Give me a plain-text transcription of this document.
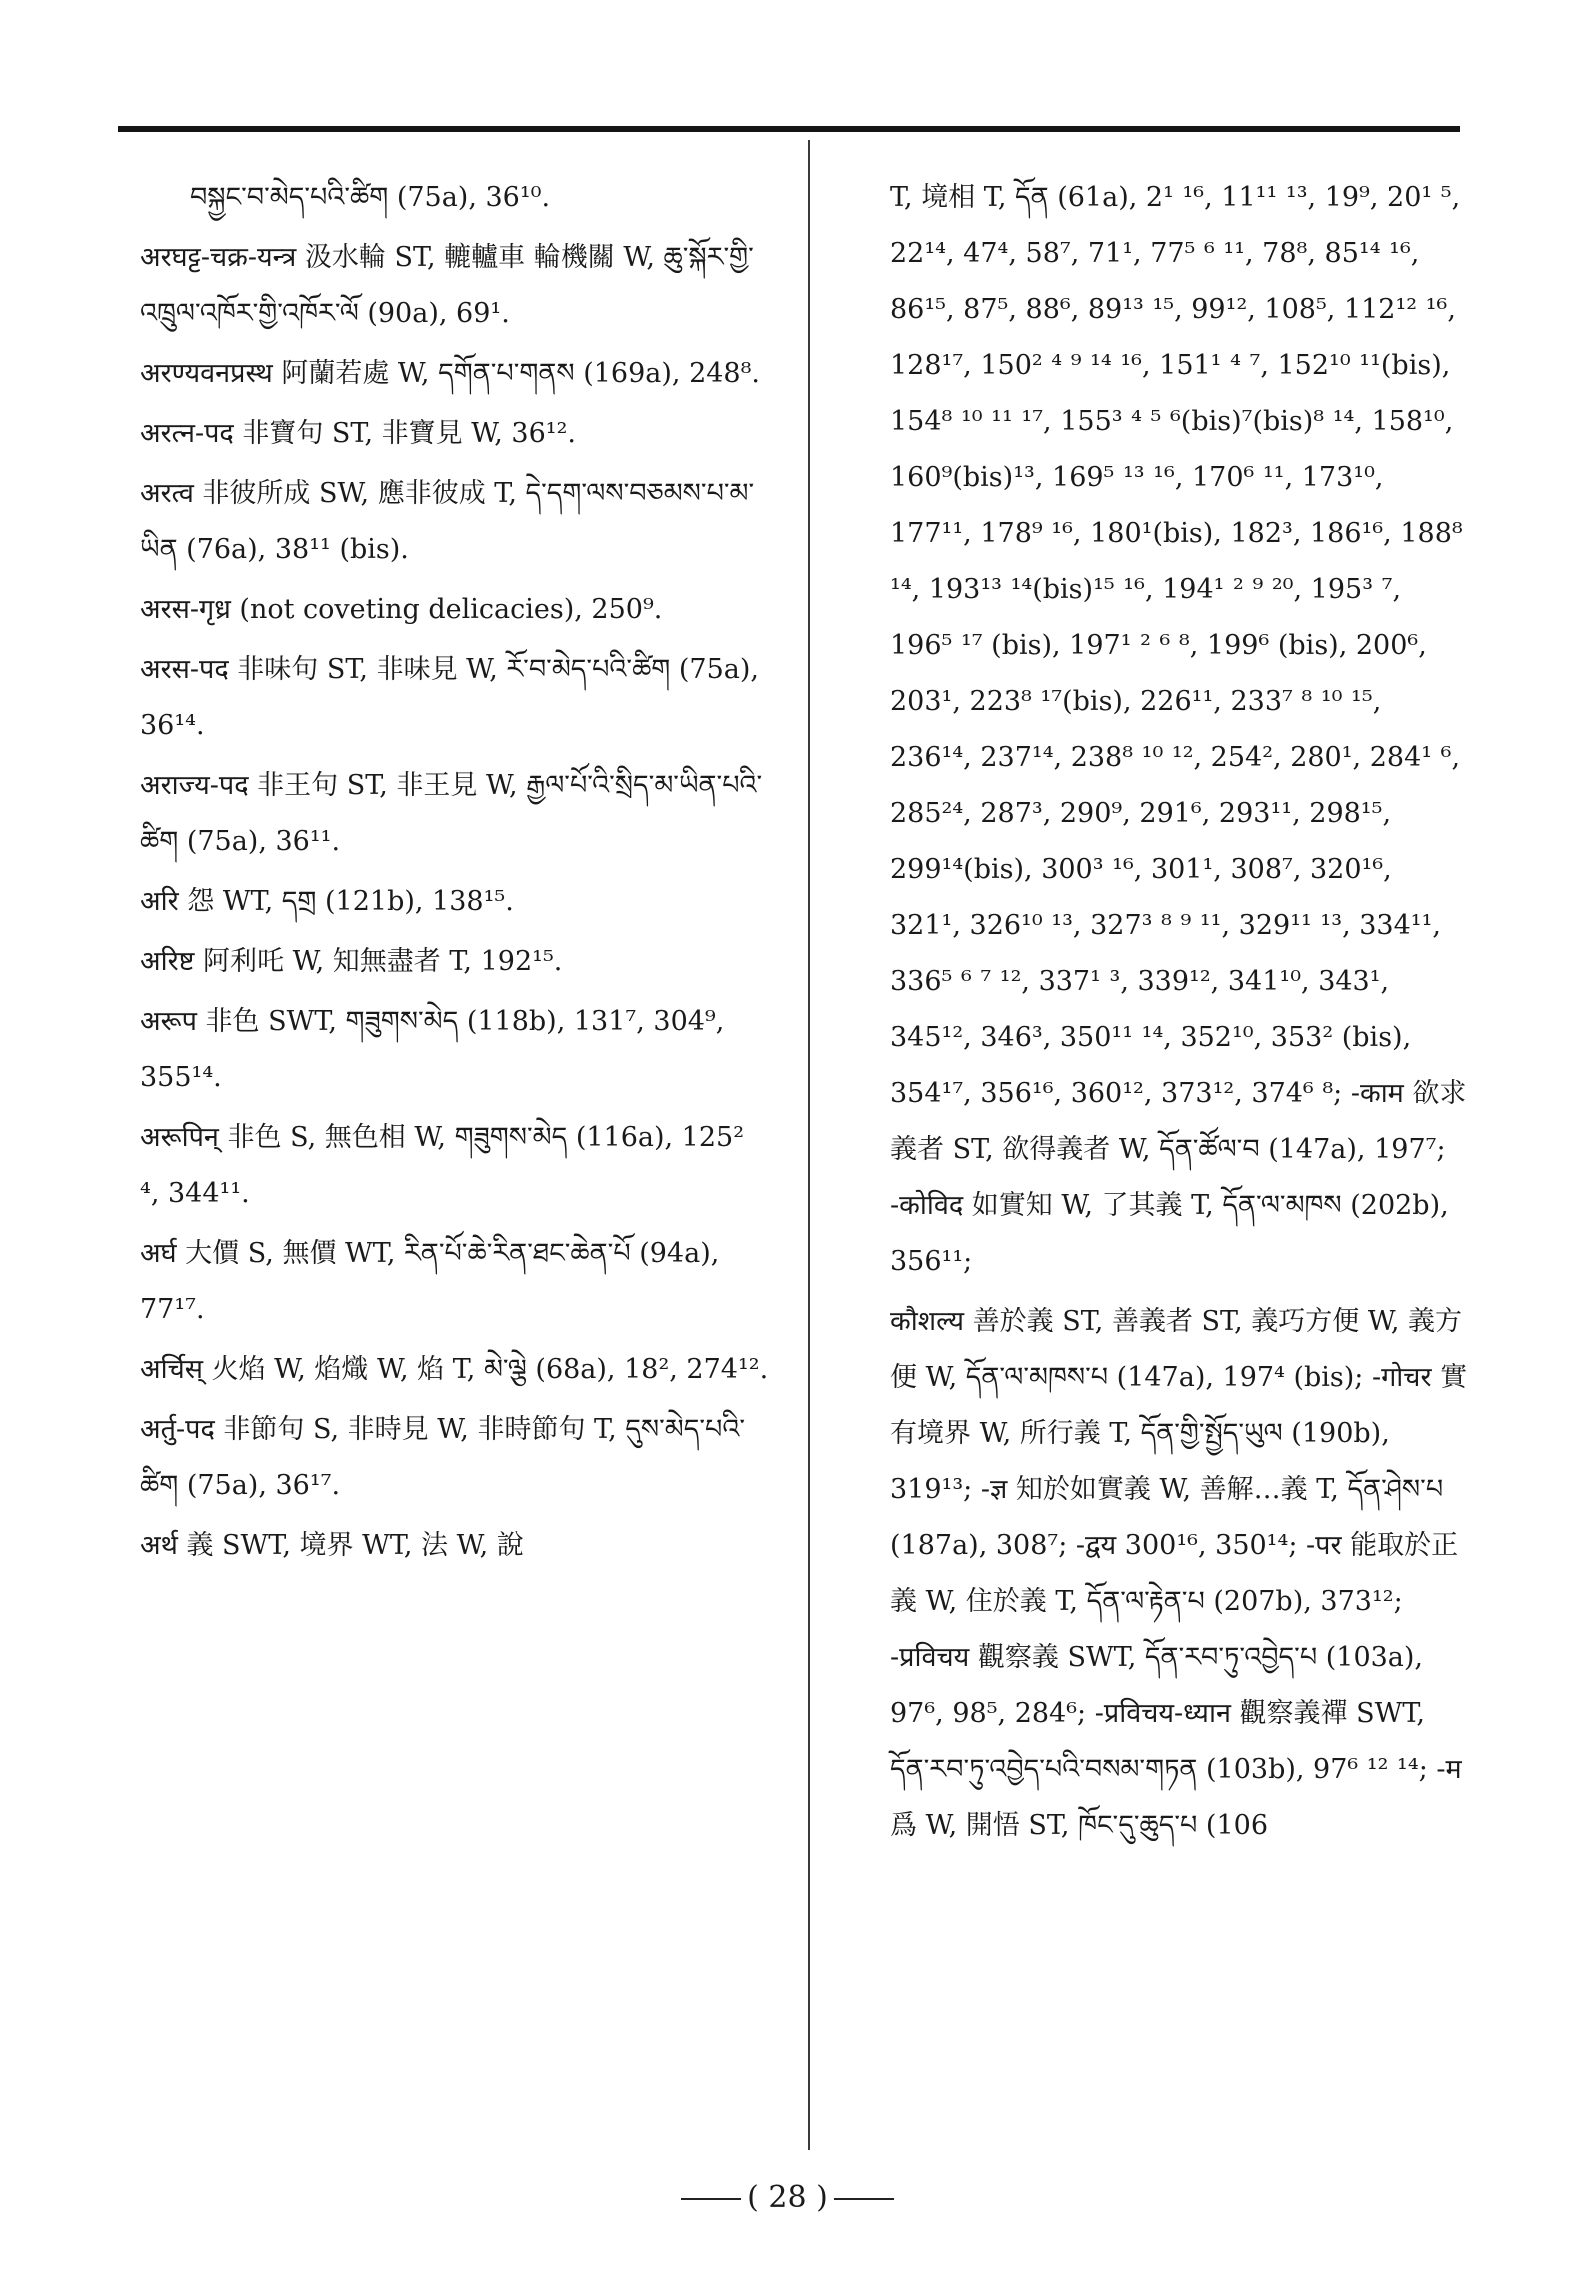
བསྐྱང་བ་མེད་པའི་ཚིག (75a), 36¹⁰.
अरघट्ट-चक्र-यन्त्र 汲水輪 ST, 轆轤車 輪機關 W, ཆུ་སྐོར་གྱི་འཁྲུལ་འཁོར་གྱི་འཁོར་ལོ (90a), 69¹.
अरण्यवनप्रस्थ 阿蘭若處 W, དགོན་པ་གནས (169a), 248⁸.
अरत्न-पद 非寶句 ST, 非寶見 W, 36¹².
अरत्व 非彼所成 SW, 應非彼成 T, དེ་དག་ལས་བཅམས་པ་མ་ཡིན (76a), 38¹¹ (bis).
अरस-गृध्र (not coveting delicacies), 250⁹.
अरस-पद 非味句 ST, 非味見 W, རོ་བ་མེད་པའི་ཚིག (75a), 36¹⁴.
अराज्य-पद 非王句 ST, 非王見 W, རྒྱལ་པོ་འི་སྲིད་མ་ཡིན་པའི་ཚིག (75a), 36¹¹.
अरि 怨 WT, དགྲ (121b), 138¹⁵.
अरिष्ट 阿利吒 W, 知無盡者 T, 192¹⁵.
अरूप 非色 SWT, གཟུགས་མེད (118b), 131⁷, 304⁹, 355¹⁴.
अरूपिन् 非色 S, 無色相 W, གཟུགས་མེད (116a), 125² ⁴, 344¹¹.
अर्घ 大價 S, 無價 WT, རིན་པོ་ཆེ་རིན་ཐང་ཆེན་པོ (94a), 77¹⁷.
अर्चिस् 火焰 W, 焰熾 W, 焰 T, མེ་ལྕེ (68a), 18², 274¹².
अर्तु-पद 非節句 S, 非時見 W, 非時節句 T, དུས་མེད་པའི་ཚིག (75a), 36¹⁷.
अर्थ 義 SWT, 境界 WT, 法 W, 說
T, 境相 T, དོན (61a), 2¹ ¹⁶, 11¹¹ ¹³, 19⁹, 20¹ ⁵, 22¹⁴, 47⁴, 58⁷, 71¹, 77⁵ ⁶ ¹¹, 78⁸, 85¹⁴ ¹⁶, 86¹⁵, 87⁵, 88⁶, 89¹³ ¹⁵, 99¹², 108⁵, 112¹² ¹⁶, 128¹⁷, 150² ⁴ ⁹ ¹⁴ ¹⁶, 151¹ ⁴ ⁷, 152¹⁰ ¹¹(bis), 154⁸ ¹⁰ ¹¹ ¹⁷, 155³ ⁴ ⁵ ⁶(bis)⁷(bis)⁸ ¹⁴, 158¹⁰, 160⁹(bis)¹³, 169⁵ ¹³ ¹⁶, 170⁶ ¹¹, 173¹⁰, 177¹¹, 178⁹ ¹⁶, 180¹(bis), 182³, 186¹⁶, 188⁸ ¹⁴, 193¹³ ¹⁴(bis)¹⁵ ¹⁶, 194¹ ² ⁹ ²⁰, 195³ ⁷, 196⁵ ¹⁷ (bis), 197¹ ² ⁶ ⁸, 199⁶ (bis), 200⁶, 203¹, 223⁸ ¹⁷(bis), 226¹¹, 233⁷ ⁸ ¹⁰ ¹⁵, 236¹⁴, 237¹⁴, 238⁸ ¹⁰ ¹², 254², 280¹, 284¹ ⁶, 285²⁴, 287³, 290⁹, 291⁶, 293¹¹, 298¹⁵, 299¹⁴(bis), 300³ ¹⁶, 301¹, 308⁷, 320¹⁶, 321¹, 326¹⁰ ¹³, 327³ ⁸ ⁹ ¹¹, 329¹¹ ¹³, 334¹¹, 336⁵ ⁶ ⁷ ¹², 337¹ ³, 339¹², 341¹⁰, 343¹, 345¹², 346³, 350¹¹ ¹⁴, 352¹⁰, 353² (bis), 354¹⁷, 356¹⁶, 360¹², 373¹², 374⁶ ⁸; -काम 欲求義者 ST, 欲得義者 W, དོན་ཚོལ་བ (147a), 197⁷; -कोविद 如實知 W, 了其義 T, དོན་ལ་མཁས (202b), 356¹¹;
कौशल्य 善於義 ST, 善義者 ST, 義巧方便 W, 義方便 W, དོན་ལ་མཁས་པ (147a), 197⁴ (bis); -गोचर 實有境界 W, 所行義 T, དོན་གྱི་སྤྱོད་ཡུལ (190b), 319¹³; -ज्ञ 知於如實義 W, 善解…義 T, དོན་ཤེས་པ (187a), 308⁷; -द्वय 300¹⁶, 350¹⁴; -पर 能取於正義 W, 住於義 T, དོན་ལ་རྟེན་པ (207b), 373¹²; -प्रविचय 觀察義 SWT, དོན་རབ་ཏུ་འབྱེད་པ (103a), 97⁶, 98⁵, 284⁶; -प्रविचय-ध्यान 觀察義禪 SWT, དོན་རབ་ཏུ་འབྱེད་པའི་བསམ་གཏན (103b), 97⁶ ¹² ¹⁴; -म 爲 W, 開悟 ST, ཁོང་དུ་ཆུད་པ (106
( 28 )
